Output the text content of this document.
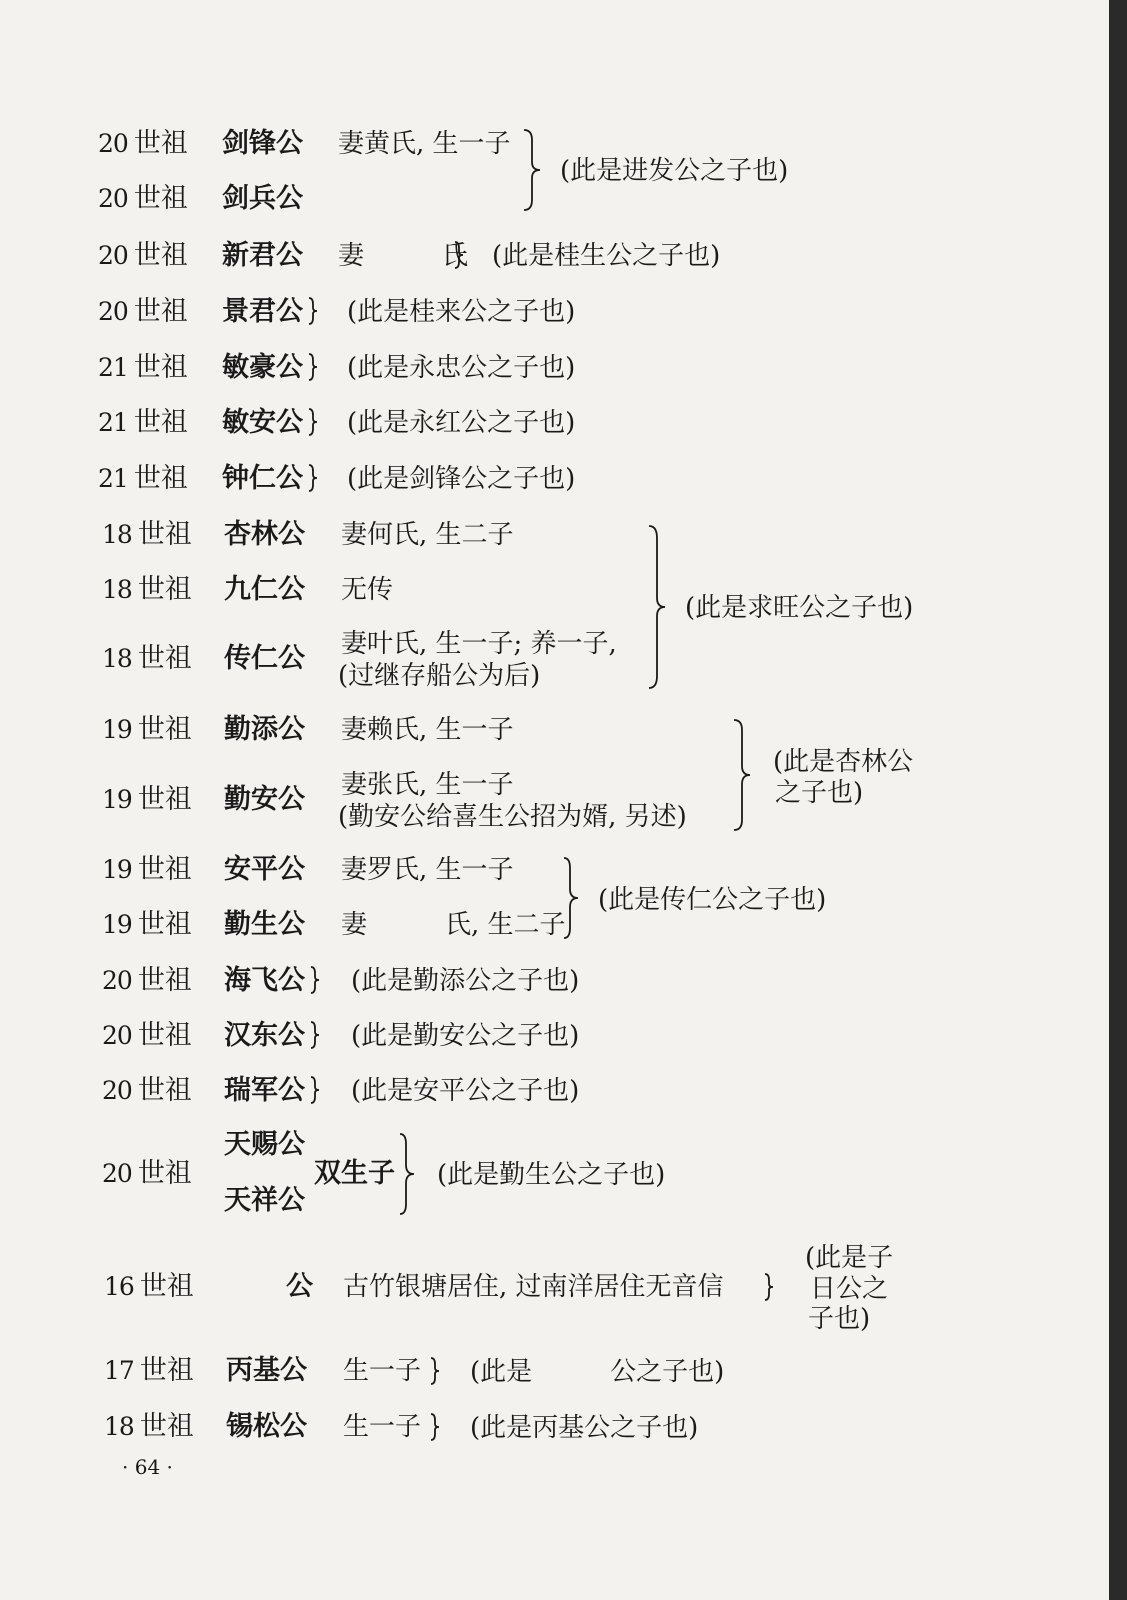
20 世祖 剑锋公 妻黄氏, 生一子
20 世祖 剑兵公
(此是进发公之子也)
20 世祖 新君公 妻　　　氏 (此是桂生公之子也)
20 世祖 景君公 (此是桂来公之子也)
21 世祖 敏豪公 (此是永忠公之子也)
21 世祖 敏安公 (此是永红公之子也)
21 世祖 钟仁公 (此是剑锋公之子也)
18 世祖 杏林公 妻何氏, 生二子
18 世祖 九仁公 无传
18 世祖 传仁公 妻叶氏, 生一子; 养一子,
(过继存船公为后)
(此是求旺公之子也)
19 世祖 勤添公 妻赖氏, 生一子
19 世祖 勤安公 妻张氏, 生一子
(勤安公给喜生公招为婿, 另述)
(此是杏林公
之子也)
19 世祖 安平公 妻罗氏, 生一子
19 世祖 勤生公 妻　　　氏, 生二子
(此是传仁公之子也)
20 世祖 海飞公 (此是勤添公之子也)
20 世祖 汉东公 (此是勤安公之子也)
20 世祖 瑞军公 (此是安平公之子也)
20 世祖
天赐公
天祥公
双生子 (此是勤生公之子也)
16 世祖	公 古竹银塘居住, 过南洋居住无音信
(此是子
日公之
子也)
17 世祖 丙基公 生一子 (此是　　　公之子也)
18 世祖 锡松公 生一子 (此是丙基公之子也)
· 64 ·
